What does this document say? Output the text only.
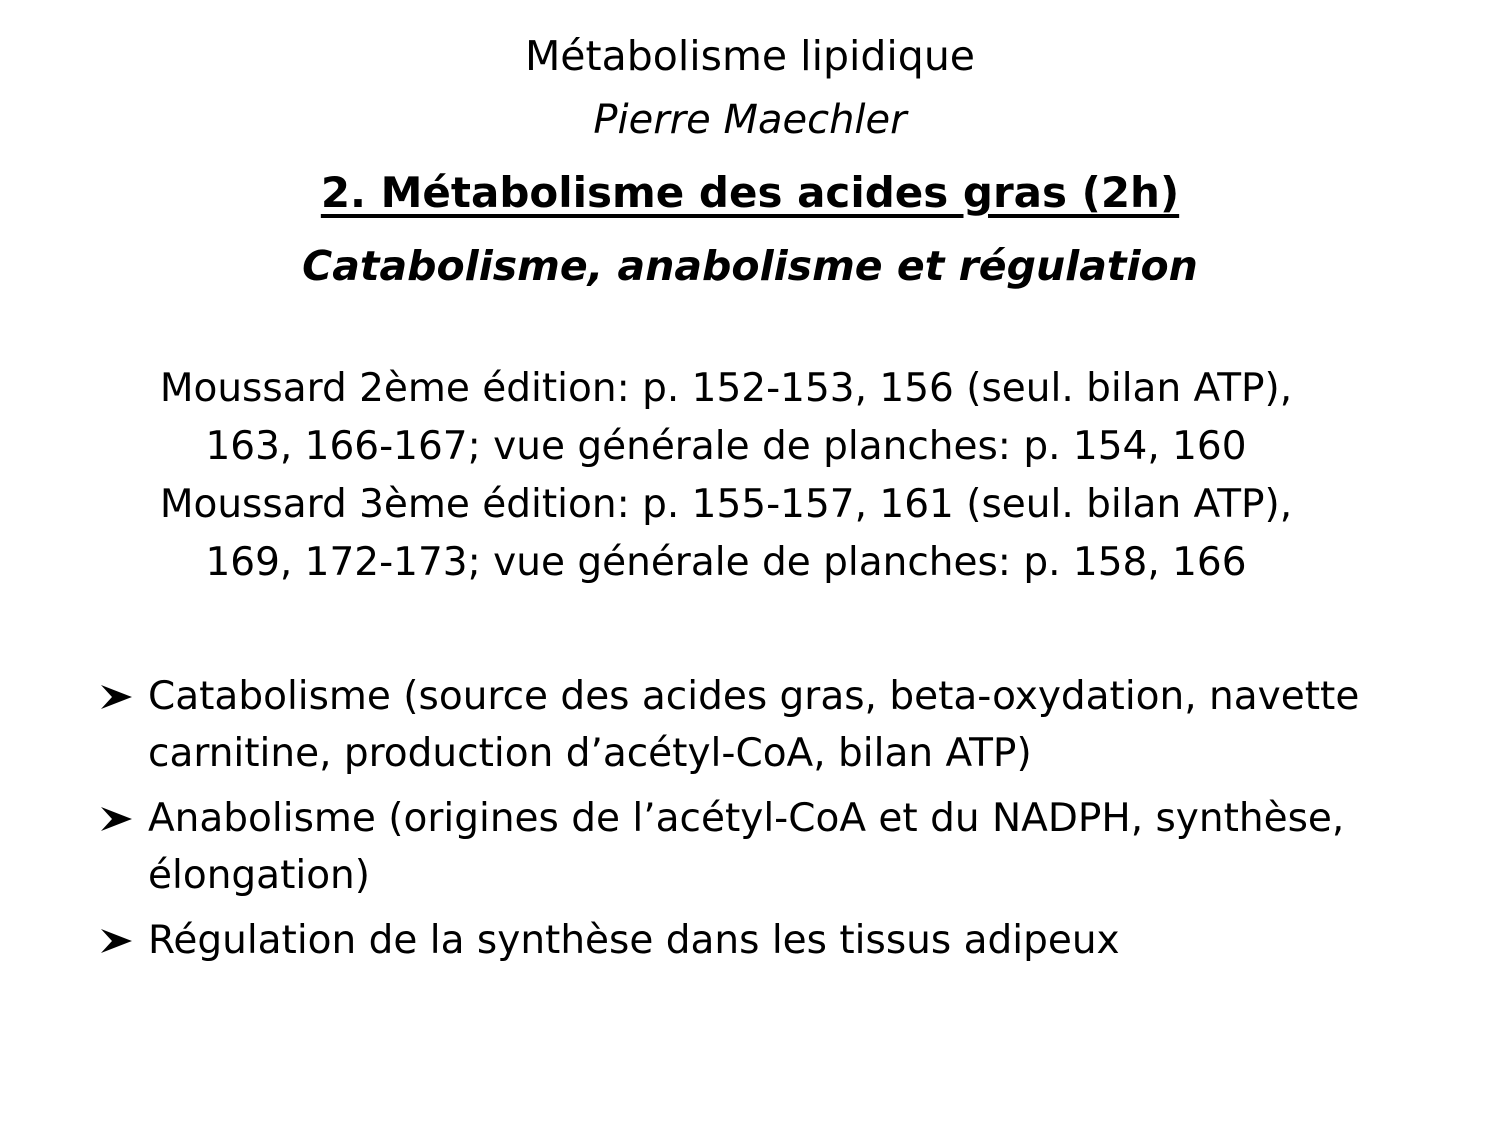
Métabolisme lipidique
Pierre Maechler
2. Métabolisme des acides gras (2h)
Catabolisme, anabolisme et régulation

Moussard 2ème édition: p. 152-153, 156 (seul. bilan ATP),
163, 166-167; vue générale de planches: p. 154, 160

Moussard 3ème édition: p. 155-157, 161 (seul. bilan ATP),
169, 172-173; vue générale de planches: p. 158, 166

Catabolisme (source des acides gras, beta-oxydation, navette carnitine, production d’acétyl-CoA, bilan ATP)
Anabolisme (origines de l’acétyl-CoA et du NADPH, synthèse, élongation)
Régulation de la synthèse dans les tissus adipeux
